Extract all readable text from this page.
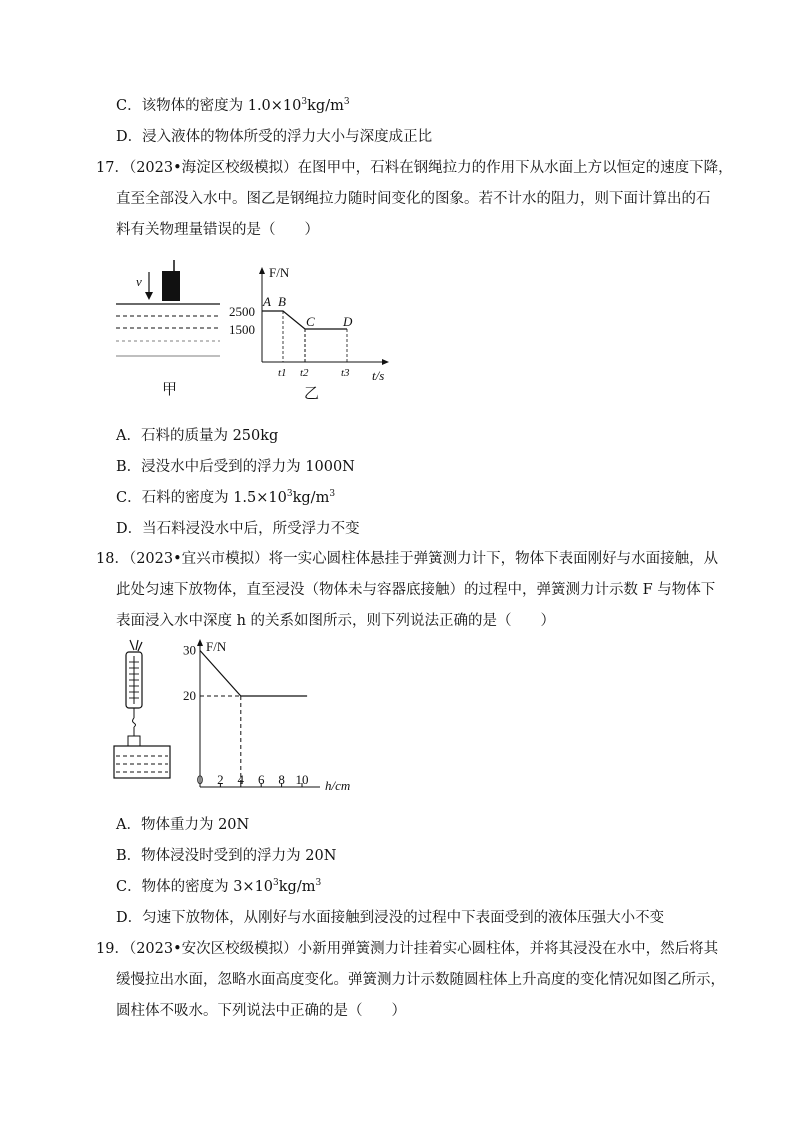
C．该物体的密度为 $1.0\times 10^3kg/m^3$
D．浸入液体的物体所受的浮力大小与深度成正比
17．（2023•海淀区校级模拟）在图甲中，石料在钢绳拉力的作用下从水面上方以恒定的速度下降，
直至全部没入水中。图乙是钢绳拉力随时间变化的图象。若不计水的阻力，则下面计算出的石
料有关物理量错误的是（　　）
v
甲
F/N
t/s
2500
1500
A B
C D
t1 t2	t3
乙
A．石料的质量为 250kg
B．浸没水中后受到的浮力为 1000N
C．石料的密度为 $1.5\times 10^3kg/m^3$
D．当石料浸没水中后，所受浮力不变
18．（2023•宜兴市模拟）将一实心圆柱体悬挂于弹簧测力计下，物体下表面刚好与水面接触，从
此处匀速下放物体，直至浸没（物体未与容器底接触）的过程中，弹簧测力计示数 F 与物体下
表面浸入水中深度 h 的关系如图所示，则下列说法正确的是（　　）
F/N
h/cm
0 2 4 6 8 10
30
20
A．物体重力为 20N
B．物体浸没时受到的浮力为 20N
C．物体的密度为 $3\times 10^3kg/m^3$
D．匀速下放物体，从刚好与水面接触到浸没的过程中下表面受到的液体压强大小不变
19．（2023•安次区校级模拟）小新用弹簧测力计挂着实心圆柱体，并将其浸没在水中，然后将其
缓慢拉出水面，忽略水面高度变化。弹簧测力计示数随圆柱体上升高度的变化情况如图乙所示，
圆柱体不吸水。下列说法中正确的是（　　）
